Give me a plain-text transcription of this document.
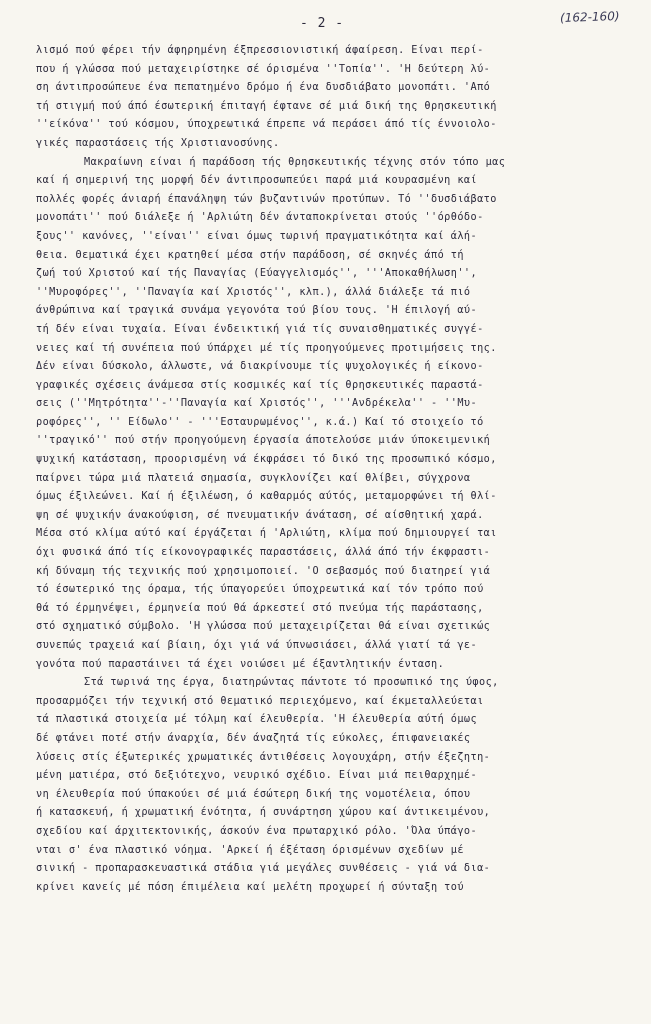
- 2 -	(162-160)
λισμό πού φέρει τήν άφηρημένη έξπρεσσιονιστική άφαίρεση. Είναι περί-
που ή γλώσσα πού μεταχειρίστηκε σέ όρισμένα ''Τοπία''. 'Η δεύτερη λύ-
ση άντιπροσώπευε ένα πεπατημένο δρόμο ή ένα δυσδιάβατο μονοπάτι. 'Από
τή στιγμή πού άπό έσωτερική έπιταγή έφτανε σέ μιά δική της θρησκευτική
''είκόνα'' τού κόσμου, ύποχρεωτικά έπρεπε νά περάσει άπό τίς έννοιολο-
γικές παραστάσεις τής Χριστιανοσύνης.
Μακραίωνη είναι ή παράδοση τής θρησκευτικής τέχνης στόν τόπο μας
καί ή σημερινή της μορφή δέν άντιπροσωπεύει παρά μιά κουρασμένη καί
πολλές φορές άνιαρή έπανάληψη τών βυζαντινών προτύπων. Τό ''δυσδιάβατο
μονοπάτι'' πού διάλεξε ή 'Αρλιώτη δέν άνταποκρίνεται στούς ''όρθόδο-
ξους'' κανόνες, ''είναι'' είναι όμως τωρινή πραγματικότητα καί άλή-
θεια. Θεματικά έχει κρατηθεί μέσα στήν παράδοση, σέ σκηνές άπό τή
ζωή τού Χριστού καί τής Παναγίας (Εύαγγελισμός'', '''Αποκαθήλωση'',
''Μυροφόρες'', ''Παναγία καί Χριστός'', κλπ.), άλλά διάλεξε τά πιό
άνθρώπινα καί τραγικά συνάμα γεγονότα τού βίου τους. 'Η έπιλογή αύ-
τή δέν είναι τυχαία. Είναι ένδεικτική γιά τίς συναισθηματικές συγγέ-
νειες καί τή συνέπεια πού ύπάρχει μέ τίς προηγούμενες προτιμήσεις της.
Δέν είναι δύσκολο, άλλωστε, νά διακρίνουμε τίς ψυχολογικές ή είκονο-
γραφικές σχέσεις άνάμεσα στίς κοσμικές καί τίς θρησκευτικές παραστά-
σεις (''Μητρότητα''-''Παναγία καί Χριστός'', '''Ανδρέκελα'' - ''Μυ-
ροφόρες'', '' Είδωλο'' - '''Εσταυρωμένος'', κ.ά.) Καί τό στοιχείο τό
''τραγικό'' πού στήν προηγούμενη έργασία άποτελούσε μιάν ύποκειμενική
ψυχική κατάσταση, προορισμένη νά έκφράσει τό δικό της προσωπικό κόσμο,
παίρνει τώρα μιά πλατειά σημασία, συγκλονίζει καί θλίβει, σύγχρονα
όμως έξιλεώνει. Καί ή έξιλέωση, ό καθαρμός αύτός, μεταμορφώνει τή θλί-
ψη σέ ψυχικήν άνακούφιση, σέ πνευματικήν άνάταση, σέ αίσθητική χαρά.
Μέσα στό κλίμα αύτό καί έργάζεται ή 'Αρλιώτη, κλίμα πού δημιουργεί ται
όχι φυσικά άπό τίς είκονογραφικές παραστάσεις, άλλά άπό τήν έκφραστι-
κή δύναμη τής τεχνικής πού χρησιμοποιεί. 'Ο σεβασμός πού διατηρεί γιά
τό έσωτερικό της όραμα, τής ύπαγορεύει ύποχρεωτικά καί τόν τρόπο πού
θά τό έρμηνέψει, έρμηνεία πού θά άρκεστεί στό πνεύμα τής παράστασης,
στό σχηματικό σύμβολο. 'Η γλώσσα πού μεταχειρίζεται θά είναι σχετικώς
συνεπώς τραχειά καί βίαιη, όχι γιά νά ύπνωσιάσει, άλλά γιατί τά γε-
γονότα πού παραστάινει τά έχει νοιώσει μέ έξαντλητικήν ένταση.
Στά τωρινά της έργα, διατηρώντας πάντοτε τό προσωπικό της ύφος,
προσαρμόζει τήν τεχνική στό θεματικό περιεχόμενο, καί έκμεταλλεύεται
τά πλαστικά στοιχεία μέ τόλμη καί έλευθερία. 'Η έλευθερία αύτή όμως
δέ φτάνει ποτέ στήν άναρχία, δέν άναζητά τίς εύκολες, έπιφανειακές
λύσεις στίς έξωτερικές χρωματικές άντιθέσεις λογουχάρη, στήν έξεζητη-
μένη ματιέρα, στό δεξιότεχνο, νευρικό σχέδιο. Είναι μιά πειθαρχημέ-
νη έλευθερία πού ύπακούει σέ μιά έσώτερη δική της νομοτέλεια, όπου
ή κατασκευή, ή χρωματική ένότητα, ή συνάρτηση χώρου καί άντικειμένου,
σχεδίου καί άρχιτεκτονικής, άσκούν ένα πρωταρχικό ρόλο. 'Όλα ύπάγο-
νται σ' ένα πλαστικό νόημα. 'Αρκεί ή έξέταση όρισμένων σχεδίων μέ
σινική - προπαρασκευαστικά στάδια γιά μεγάλες συνθέσεις - γιά νά δια-
κρίνει κανείς μέ πόση έπιμέλεια καί μελέτη προχωρεί ή σύνταξη τού
